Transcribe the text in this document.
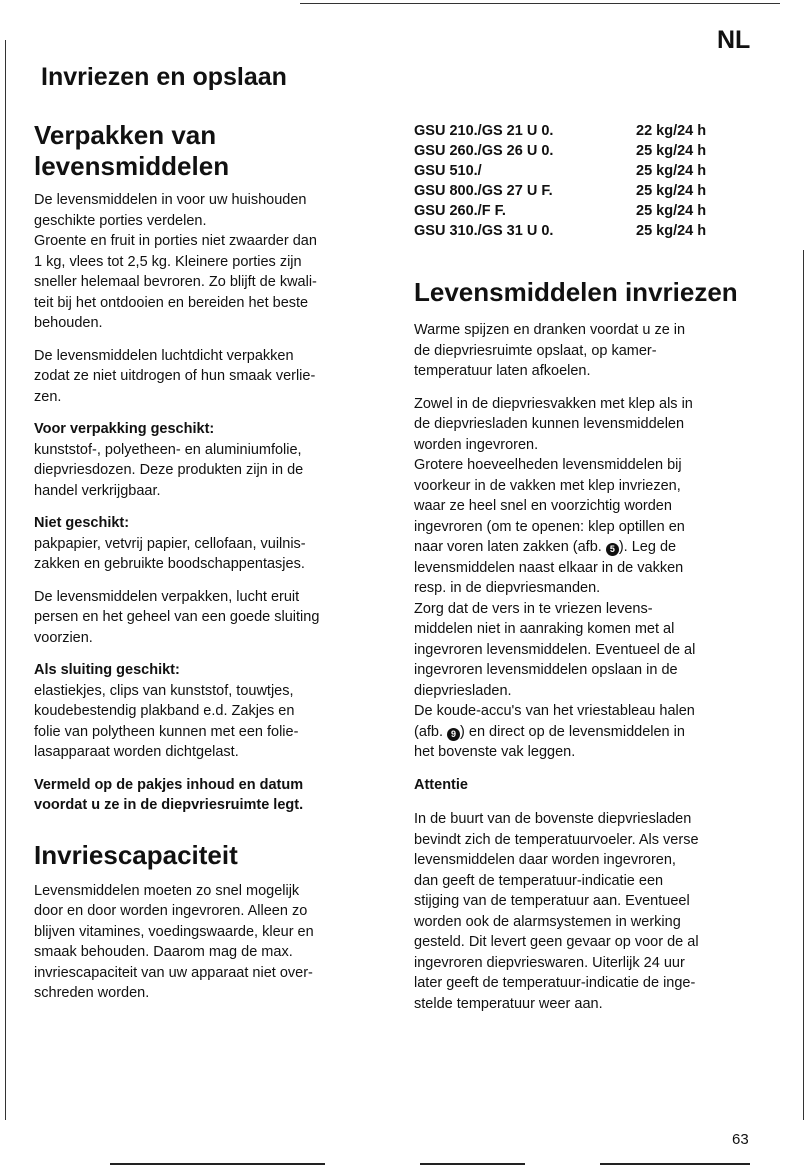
NL
Invriezen en opslaan
Verpakken van levensmiddelen

De levensmiddelen in voor uw huishouden
geschikte porties verdelen.
Groente en fruit in porties niet zwaarder dan
1 kg, vlees tot 2,5 kg. Kleinere porties zijn
sneller helemaal bevroren. Zo blijft de kwali-
teit bij het ontdooien en bereiden het beste
behouden.

De levensmiddelen luchtdicht verpakken
zodat ze niet uitdrogen of hun smaak verlie-
zen.

Voor verpakking geschikt:
kunststof-, polyetheen- en aluminiumfolie,
diepvriesdozen. Deze produkten zijn in de
handel verkrijgbaar.

Niet geschikt:
pakpapier, vetvrij papier, cellofaan, vuilnis-
zakken en gebruikte boodschappentasjes.

De levensmiddelen verpakken, lucht eruit
persen en het geheel van een goede sluiting
voorzien.

Als sluiting geschikt:
elastiekjes, clips van kunststof, touwtjes,
koudebestendig plakband e.d. Zakjes en
folie van polytheen kunnen met een folie-
lasapparaat worden dichtgelast.

Vermeld op de pakjes inhoud en datum
voordat u ze in de diepvriesruimte legt.

Invriescapaciteit

Levensmiddelen moeten zo snel mogelijk
door en door worden ingevroren. Alleen zo
blijven vitamines, voedingswaarde, kleur en
smaak behouden. Daarom mag de max.
invriescapaciteit van uw apparaat niet over-
schreden worden.

GSU 210./GS 21 U 0.	22 kg/24 h
GSU 260./GS 26 U 0.	25 kg/24 h
GSU 510./	25 kg/24 h
GSU 800./GS 27 U F.	25 kg/24 h
GSU 260./F F.	25 kg/24 h
GSU 310./GS 31 U 0.	25 kg/24 h
Levensmiddelen invriezen

Warme spijzen en dranken voordat u ze in
de diepvriesruimte opslaat, op kamer-
temperatuur laten afkoelen.

Zowel in de diepvriesvakken met klep als in
de diepvriesladen kunnen levensmiddelen
worden ingevroren.
Grotere hoeveelheden levensmiddelen bij
voorkeur in de vakken met klep invriezen,
waar ze heel snel en voorzichtig worden
ingevroren (om te openen: klep optillen en
naar voren laten zakken (afb. 5 ). Leg de
levensmiddelen naast elkaar in de vakken
resp. in de diepvriesmanden.
Zorg dat de vers in te vriezen levens-
middelen niet in aanraking komen met al
ingevroren levensmiddelen. Eventueel de al
ingevroren levensmiddelen opslaan in de
diepvriesladen.
De koude-accu's van het vriestableau halen
(afb. 9 ) en direct op de levensmiddelen in
het bovenste vak leggen.

Attentie

In de buurt van de bovenste diepvriesladen
bevindt zich de temperatuurvoeler. Als verse
levensmiddelen daar worden ingevroren,
dan geeft de temperatuur-indicatie een
stijging van de temperatuur aan. Eventueel
worden ook de alarmsystemen in werking
gesteld. Dit levert geen gevaar op voor de al
ingevroren diepvrieswaren. Uiterlijk 24 uur
later geeft de temperatuur-indicatie de inge-
stelde temperatuur weer aan.

63
